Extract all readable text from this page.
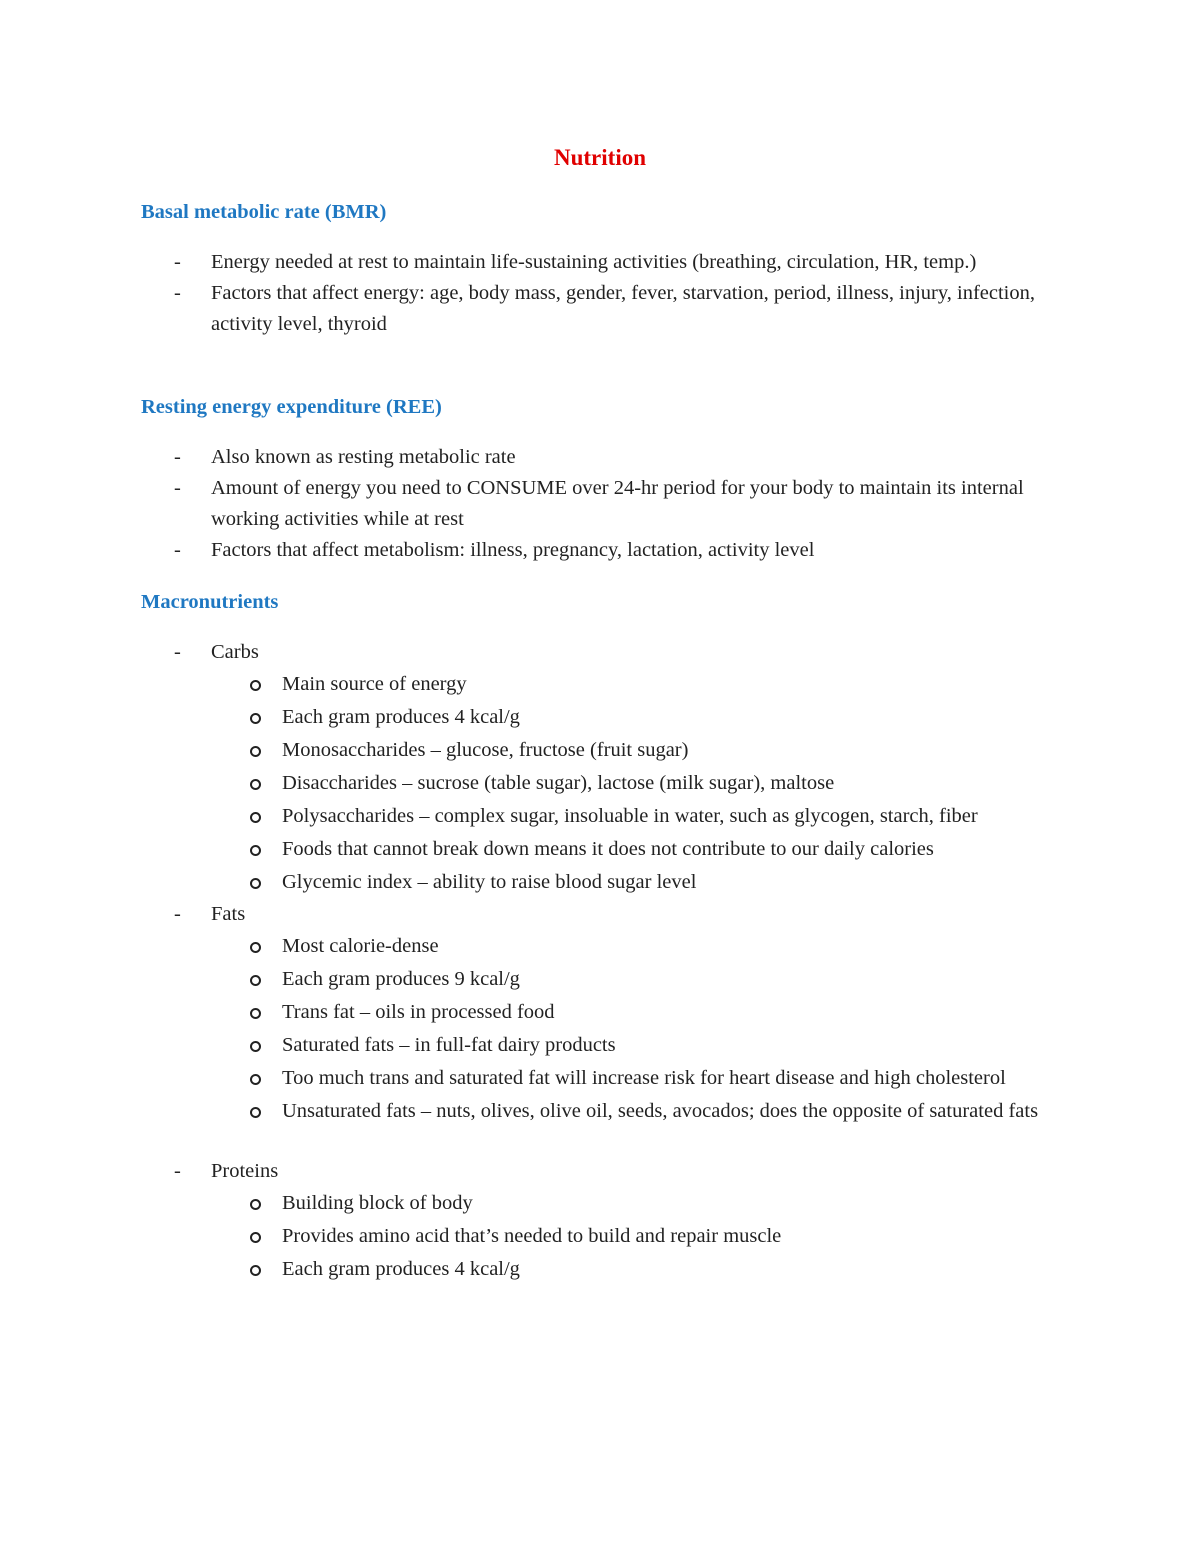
Nutrition
Basal metabolic rate (BMR)
-	Energy needed at rest to maintain life-sustaining activities (breathing, circulation, HR, temp.)
-	Factors that affect energy: age, body mass, gender, fever, starvation, period, illness, injury, infection, activity level, thyroid
Resting energy expenditure (REE)
-	Also known as resting metabolic rate
-	Amount of energy you need to CONSUME over 24-hr period for your body to maintain its internal working activities while at rest
-	Factors that affect metabolism: illness, pregnancy, lactation, activity level
Macronutrients
-	Carbs
Main source of energy
Each gram produces 4 kcal/g
Monosaccharides – glucose, fructose (fruit sugar)
Disaccharides – sucrose (table sugar), lactose (milk sugar), maltose
Polysaccharides – complex sugar, insoluable in water, such as glycogen, starch, fiber
Foods that cannot break down means it does not contribute to our daily calories
Glycemic index – ability to raise blood sugar level
-	Fats
Most calorie-dense
Each gram produces 9 kcal/g
Trans fat – oils in processed food
Saturated fats – in full-fat dairy products
Too much trans and saturated fat will increase risk for heart disease and high cholesterol
Unsaturated fats – nuts, olives, olive oil, seeds, avocados; does the opposite of saturated fats
-	Proteins
Building block of body
Provides amino acid that’s needed to build and repair muscle
Each gram produces 4 kcal/g
